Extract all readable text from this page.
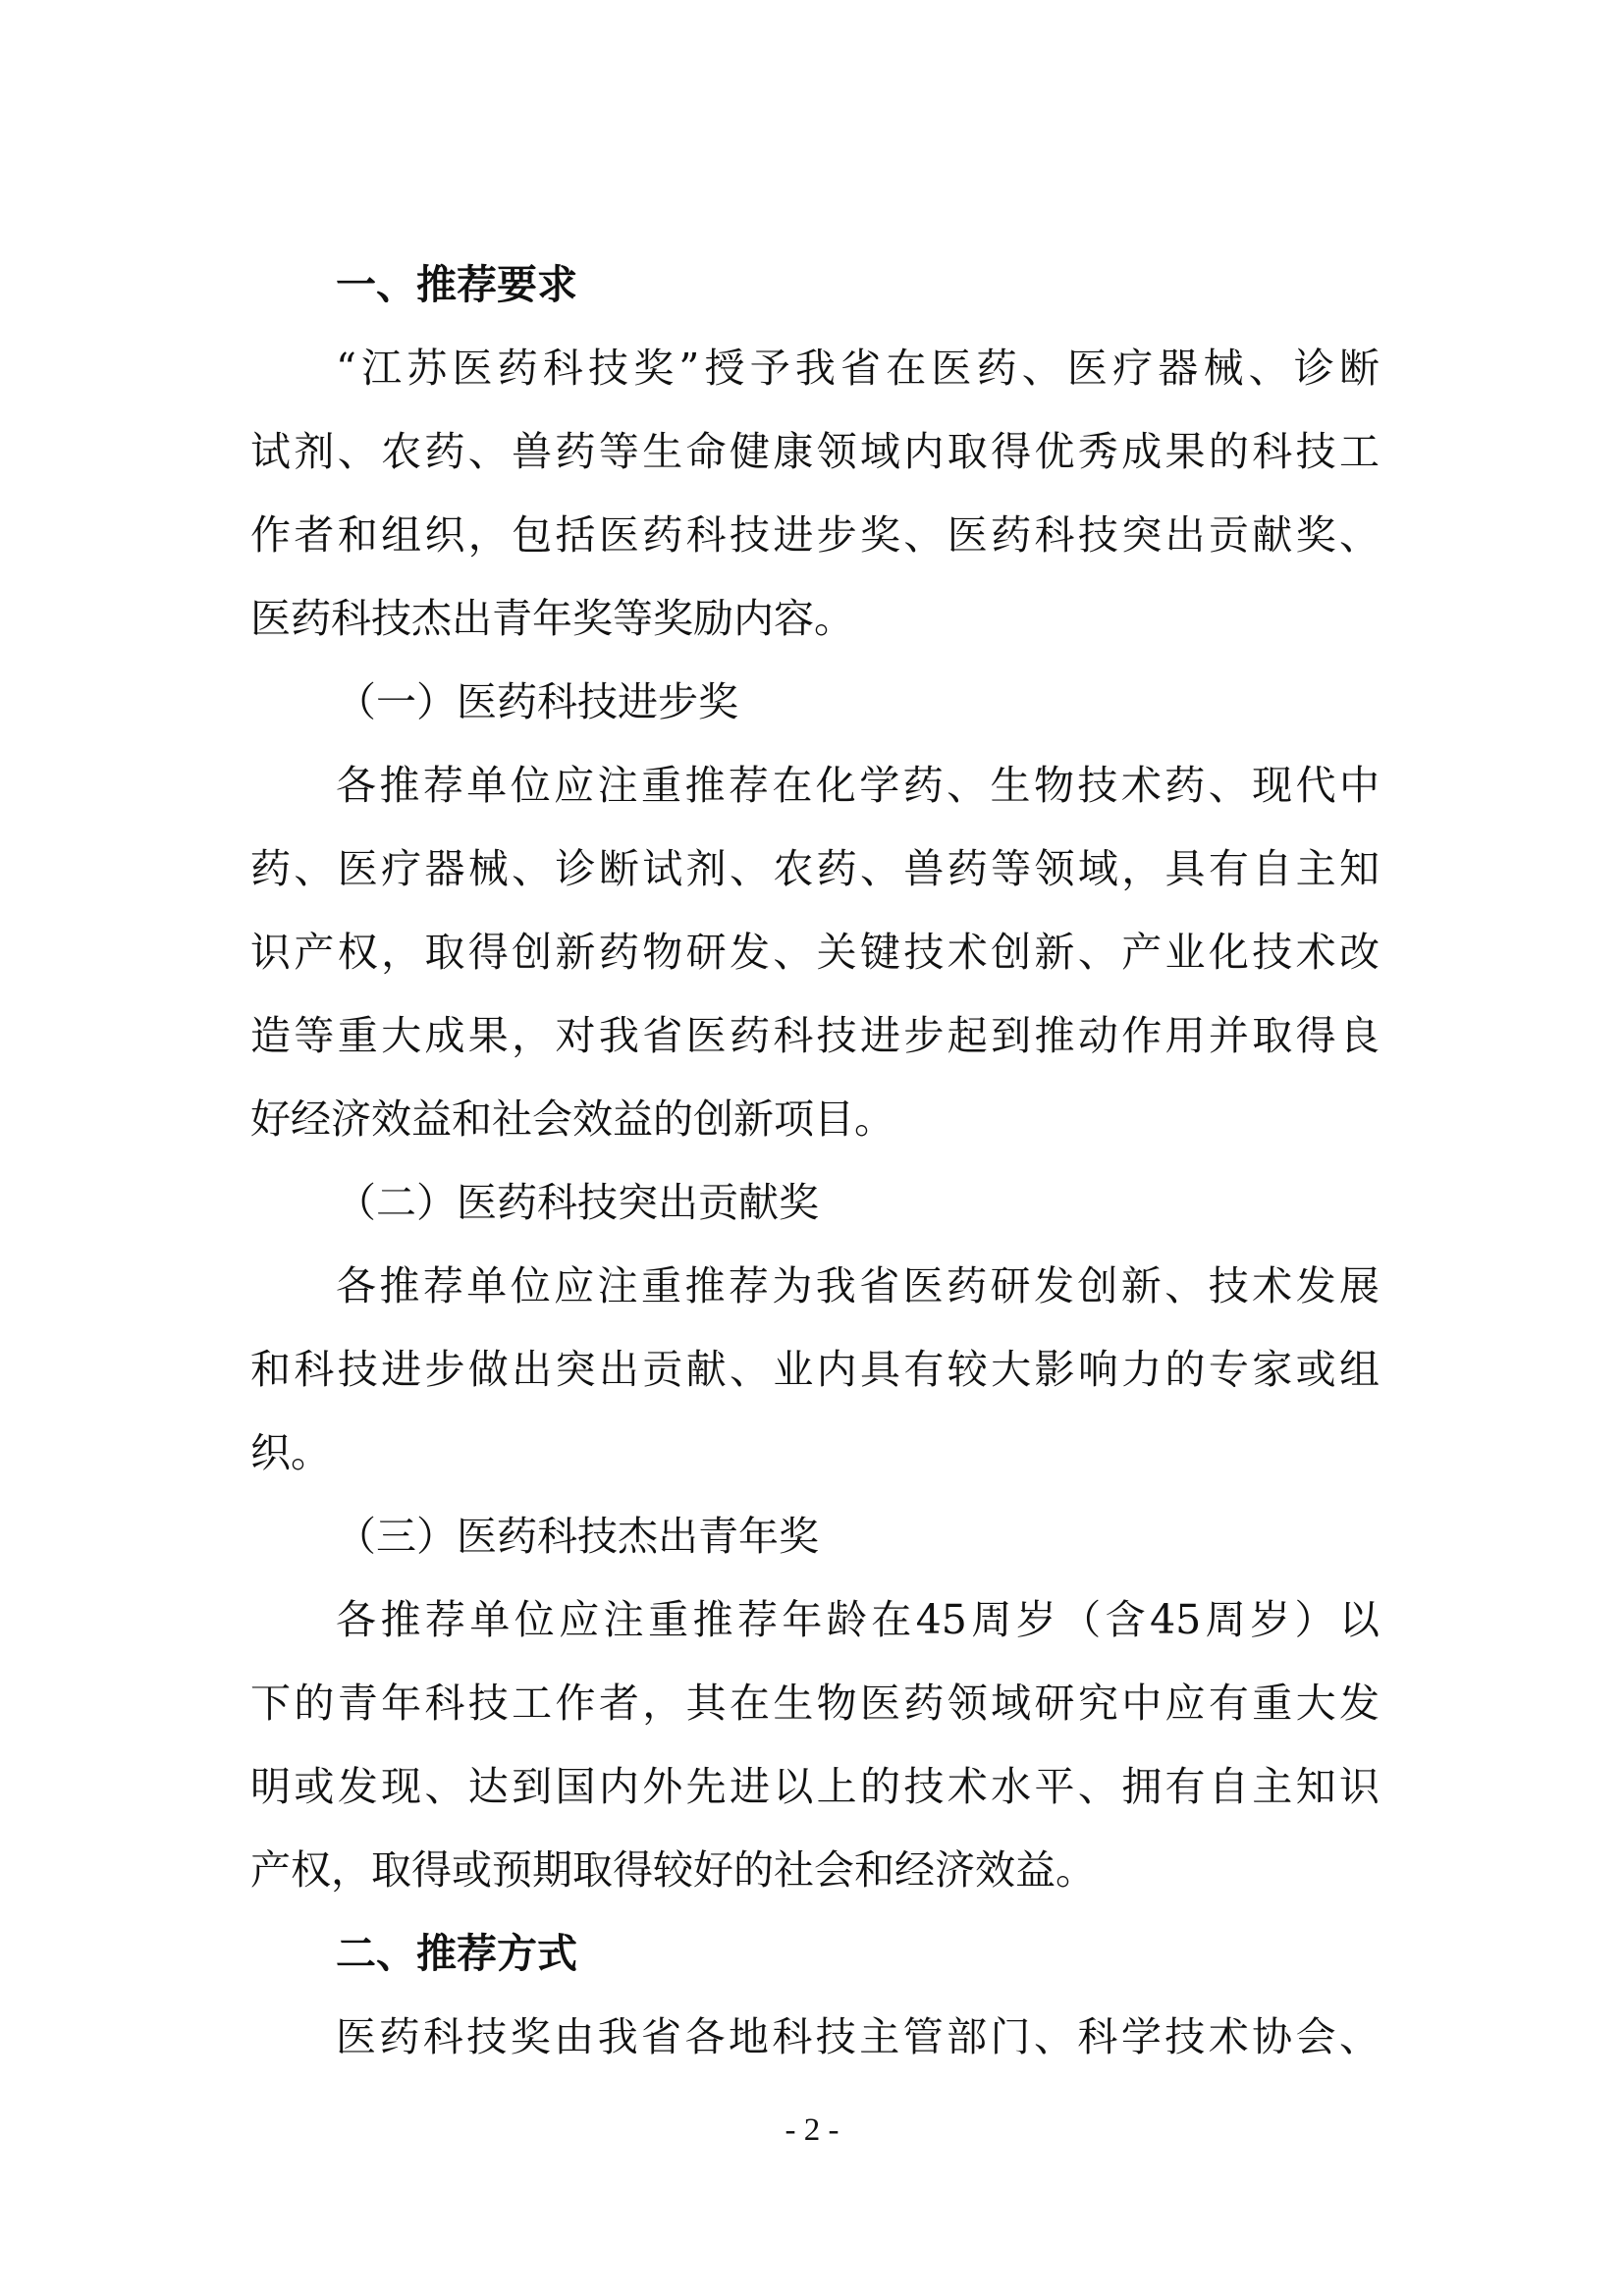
一、推荐要求
“江苏医药科技奖”授予我省在医药、医疗器械、诊断
试剂、农药、兽药等生命健康领域内取得优秀成果的科技工
作者和组织，包括医药科技进步奖、医药科技突出贡献奖、
医药科技杰出青年奖等奖励内容。
（一）医药科技进步奖
各推荐单位应注重推荐在化学药、生物技术药、现代中
药、医疗器械、诊断试剂、农药、兽药等领域，具有自主知
识产权，取得创新药物研发、关键技术创新、产业化技术改
造等重大成果，对我省医药科技进步起到推动作用并取得良
好经济效益和社会效益的创新项目。
（二）医药科技突出贡献奖
各推荐单位应注重推荐为我省医药研发创新、技术发展
和科技进步做出突出贡献、业内具有较大影响力的专家或组
织。
（三）医药科技杰出青年奖
各推荐单位应注重推荐年龄在45周岁（含45周岁）以
下的青年科技工作者，其在生物医药领域研究中应有重大发
明或发现、达到国内外先进以上的技术水平、拥有自主知识
产权，取得或预期取得较好的社会和经济效益。
二、推荐方式
医药科技奖由我省各地科技主管部门、科学技术协会、
- 2 -
